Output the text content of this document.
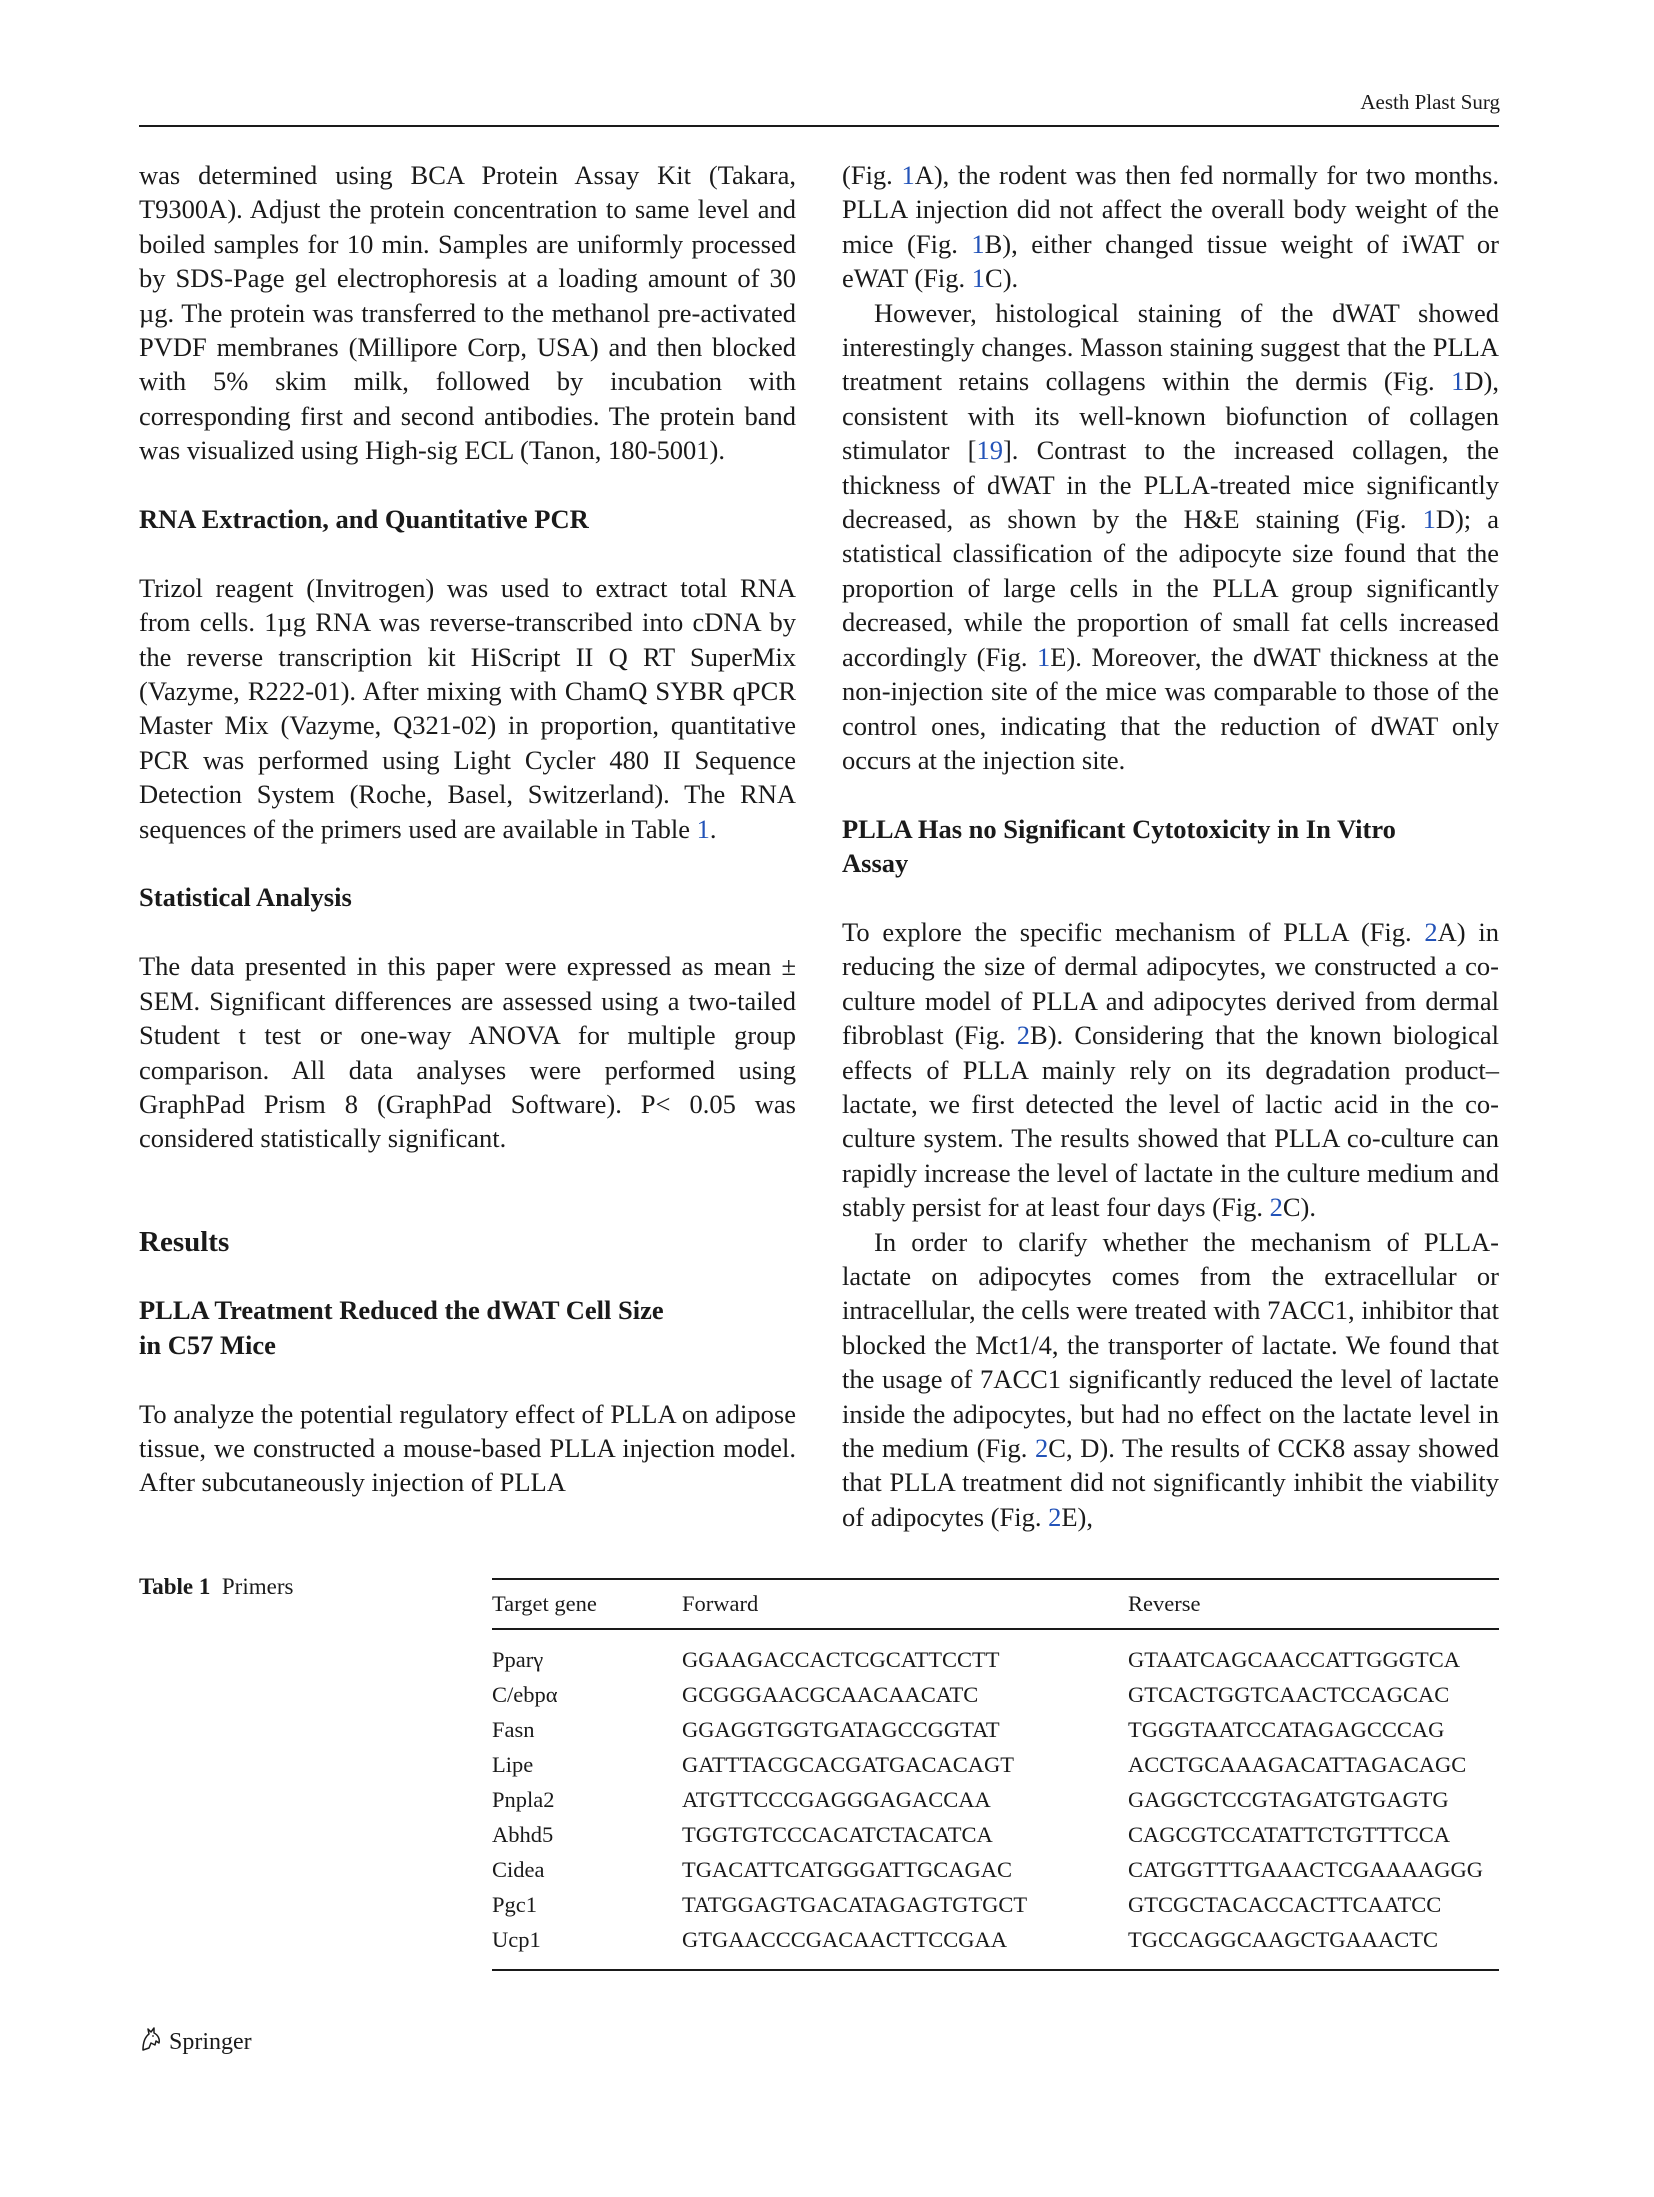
Aesth Plast Surg

was determined using BCA Protein Assay Kit (Takara, T9300A). Adjust the protein concentration to same level and boiled samples for 10 min. Samples are uniformly processed by SDS-Page gel electrophoresis at a loading amount of 30 µg. The protein was transferred to the methanol pre-activated PVDF membranes (Millipore Corp, USA) and then blocked with 5% skim milk, followed by incubation with corresponding first and second antibodies. The protein band was visualized using High-sig ECL (Tanon, 180-5001).

RNA Extraction, and Quantitative PCR

Trizol reagent (Invitrogen) was used to extract total RNA from cells. 1µg RNA was reverse-transcribed into cDNA by the reverse transcription kit HiScript II Q RT SuperMix (Vazyme, R222-01). After mixing with ChamQ SYBR qPCR Master Mix (Vazyme, Q321-02) in proportion, quantitative PCR was performed using Light Cycler 480 II Sequence Detection System (Roche, Basel, Switzerland). The RNA sequences of the primers used are available in Table 1.

Statistical Analysis

The data presented in this paper were expressed as mean ± SEM. Significant differences are assessed using a two-tailed Student t test or one-way ANOVA for multiple group comparison. All data analyses were performed using GraphPad Prism 8 (GraphPad Software). P< 0.05 was considered statistically significant.

Results
PLLA Treatment Reduced the dWAT Cell Size
in C57 Mice

To analyze the potential regulatory effect of PLLA on adipose tissue, we constructed a mouse-based PLLA injection model. After subcutaneously injection of PLLA

(Fig. 1A), the rodent was then fed normally for two months. PLLA injection did not affect the overall body weight of the mice (Fig. 1B), either changed tissue weight of iWAT or eWAT (Fig. 1C).

However, histological staining of the dWAT showed interestingly changes. Masson staining suggest that the PLLA treatment retains collagens within the dermis (Fig. 1D), consistent with its well-known biofunction of collagen stimulator [19]. Contrast to the increased collagen, the thickness of dWAT in the PLLA-treated mice significantly decreased, as shown by the H&E staining (Fig. 1D); a statistical classification of the adipocyte size found that the proportion of large cells in the PLLA group significantly decreased, while the proportion of small fat cells increased accordingly (Fig. 1E). Moreover, the dWAT thickness at the non-injection site of the mice was comparable to those of the control ones, indicating that the reduction of dWAT only occurs at the injection site.

PLLA Has no Significant Cytotoxicity in In Vitro
Assay

To explore the specific mechanism of PLLA (Fig. 2A) in reducing the size of dermal adipocytes, we constructed a co-culture model of PLLA and adipocytes derived from dermal fibroblast (Fig. 2B). Considering that the known biological effects of PLLA mainly rely on its degradation product–lactate, we first detected the level of lactic acid in the co-culture system. The results showed that PLLA co-culture can rapidly increase the level of lactate in the culture medium and stably persist for at least four days (Fig. 2C).

In order to clarify whether the mechanism of PLLA-lactate on adipocytes comes from the extracellular or intracellular, the cells were treated with 7ACC1, inhibitor that blocked the Mct1/4, the transporter of lactate. We found that the usage of 7ACC1 significantly reduced the level of lactate inside the adipocytes, but had no effect on the lactate level in the medium (Fig. 2C, D). The results of CCK8 assay showed that PLLA treatment did not significantly inhibit the viability of adipocytes (Fig. 2E),

Table 1 Primers
Target gene	Forward	Reverse
Pparγ	GGAAGACCACTCGCATTCCTT	GTAATCAGCAACCATTGGGTCA
C/ebpα	GCGGGAACGCAACAACATC	GTCACTGGTCAACTCCAGCAC
Fasn	GGAGGTGGTGATAGCCGGTAT	TGGGTAATCCATAGAGCCCAG
Lipe	GATTTACGCACGATGACACAGT	ACCTGCAAAGACATTAGACAGC
Pnpla2	ATGTTCCCGAGGGAGACCAA	GAGGCTCCGTAGATGTGAGTG
Abhd5	TGGTGTCCCACATCTACATCA	CAGCGTCCATATTCTGTTTCCA
Cidea	TGACATTCATGGGATTGCAGAC	CATGGTTTGAAACTCGAAAAGGG
Pgc1	TATGGAGTGACATAGAGTGTGCT	GTCGCTACACCACTTCAATCC
Ucp1	GTGAACCCGACAACTTCCGAA	TGCCAGGCAAGCTGAAACTC
Springer
